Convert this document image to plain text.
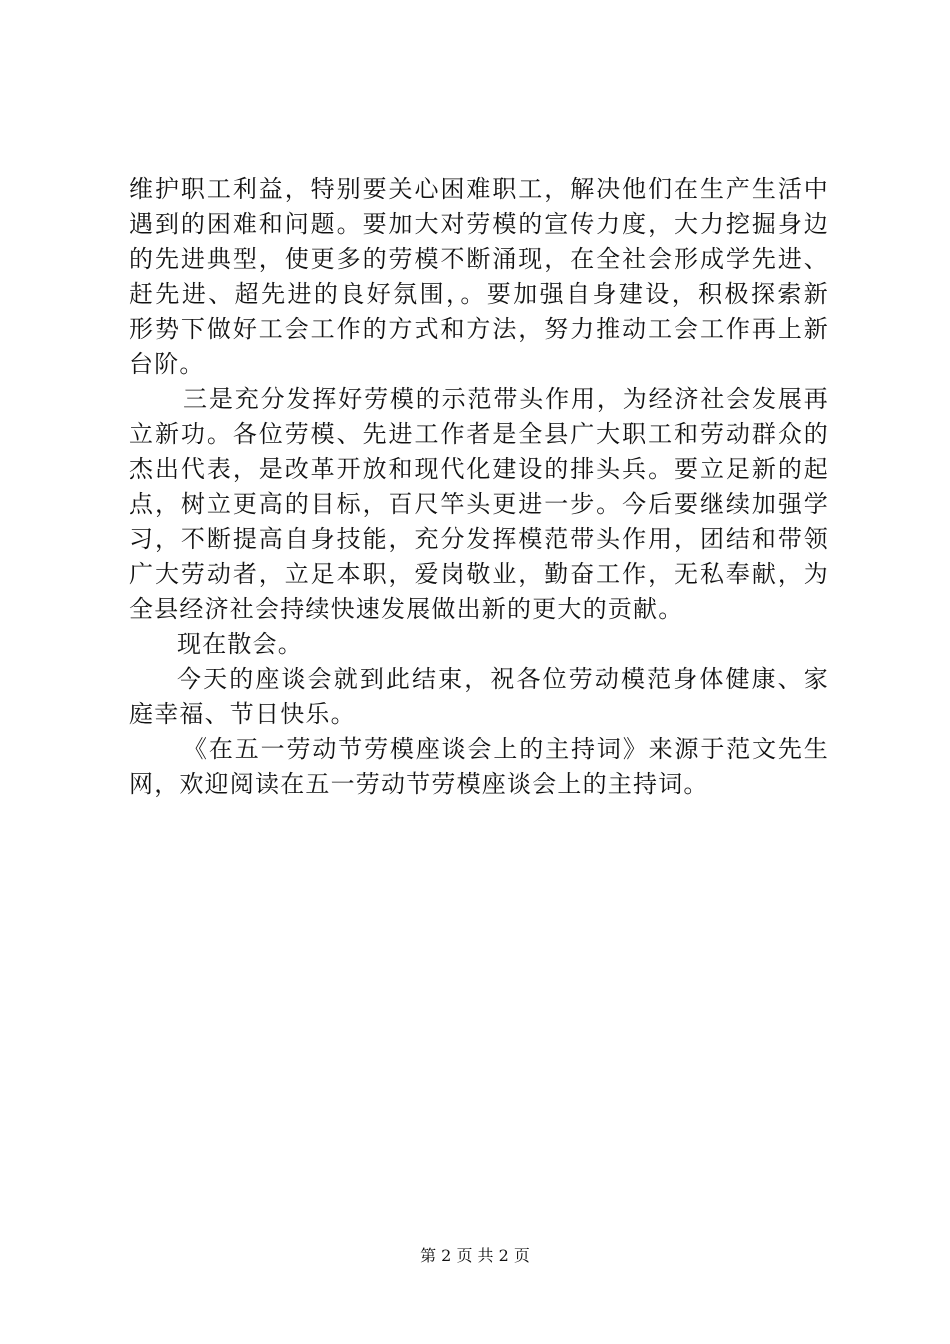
维护职工利益，特别要关心困难职工，解决他们在生产生活中
遇到的困难和问题。要加大对劳模的宣传力度，大力挖掘身边
的先进典型，使更多的劳模不断涌现，在全社会形成学先进、
赶先进、超先进的良好氛围，。要加强自身建设，积极探索新
形势下做好工会工作的方式和方法，努力推动工会工作再上新
台阶。
三是充分发挥好劳模的示范带头作用，为经济社会发展再
立新功。各位劳模、先进工作者是全县广大职工和劳动群众的
杰出代表，是改革开放和现代化建设的排头兵。要立足新的起
点，树立更高的目标，百尺竿头更进一步。今后要继续加强学
习，不断提高自身技能，充分发挥模范带头作用，团结和带领
广大劳动者，立足本职，爱岗敬业，勤奋工作，无私奉献，为
全县经济社会持续快速发展做出新的更大的贡献。
现在散会。
今天的座谈会就到此结束，祝各位劳动模范身体健康、家
庭幸福、节日快乐。
《在五一劳动节劳模座谈会上的主持词》来源于范文先生
网，欢迎阅读在五一劳动节劳模座谈会上的主持词。
第 2 页 共 2 页
